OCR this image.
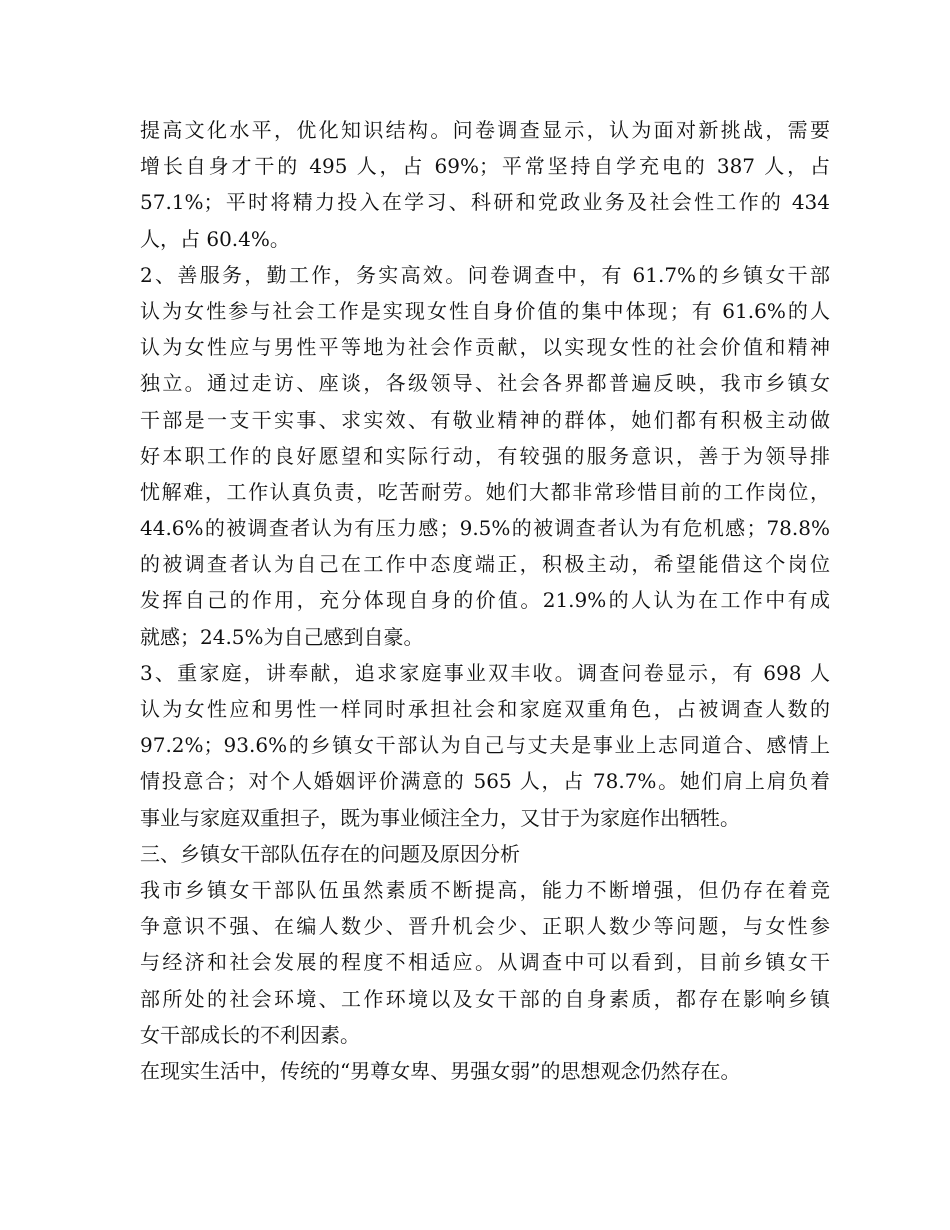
提高文化水平，优化知识结构。问卷调查显示，认为面对新挑战，需要
增长自身才干的 495 人，占 69%；平常坚持自学充电的 387 人，占
57.1%；平时将精力投入在学习、科研和党政业务及社会性工作的 434
人，占 60.4%。
2、善服务，勤工作，务实高效。问卷调查中，有 61.7%的乡镇女干部
认为女性参与社会工作是实现女性自身价值的集中体现；有 61.6%的人
认为女性应与男性平等地为社会作贡献，以实现女性的社会价值和精神
独立。通过走访、座谈，各级领导、社会各界都普遍反映，我市乡镇女
干部是一支干实事、求实效、有敬业精神的群体，她们都有积极主动做
好本职工作的良好愿望和实际行动，有较强的服务意识，善于为领导排
忧解难，工作认真负责，吃苦耐劳。她们大都非常珍惜目前的工作岗位，
44.6%的被调查者认为有压力感；9.5%的被调查者认为有危机感；78.8%
的被调查者认为自己在工作中态度端正，积极主动，希望能借这个岗位
发挥自己的作用，充分体现自身的价值。21.9%的人认为在工作中有成
就感；24.5%为自己感到自豪。
3、重家庭，讲奉献，追求家庭事业双丰收。调查问卷显示，有 698 人
认为女性应和男性一样同时承担社会和家庭双重角色，占被调查人数的
97.2%；93.6%的乡镇女干部认为自己与丈夫是事业上志同道合、感情上
情投意合；对个人婚姻评价满意的 565 人，占 78.7%。她们肩上肩负着
事业与家庭双重担子，既为事业倾注全力，又甘于为家庭作出牺牲。
三、乡镇女干部队伍存在的问题及原因分析
我市乡镇女干部队伍虽然素质不断提高，能力不断增强，但仍存在着竞
争意识不强、在编人数少、晋升机会少、正职人数少等问题，与女性参
与经济和社会发展的程度不相适应。从调查中可以看到，目前乡镇女干
部所处的社会环境、工作环境以及女干部的自身素质，都存在影响乡镇
女干部成长的不利因素。
在现实生活中，传统的“男尊女卑、男强女弱”的思想观念仍然存在。
